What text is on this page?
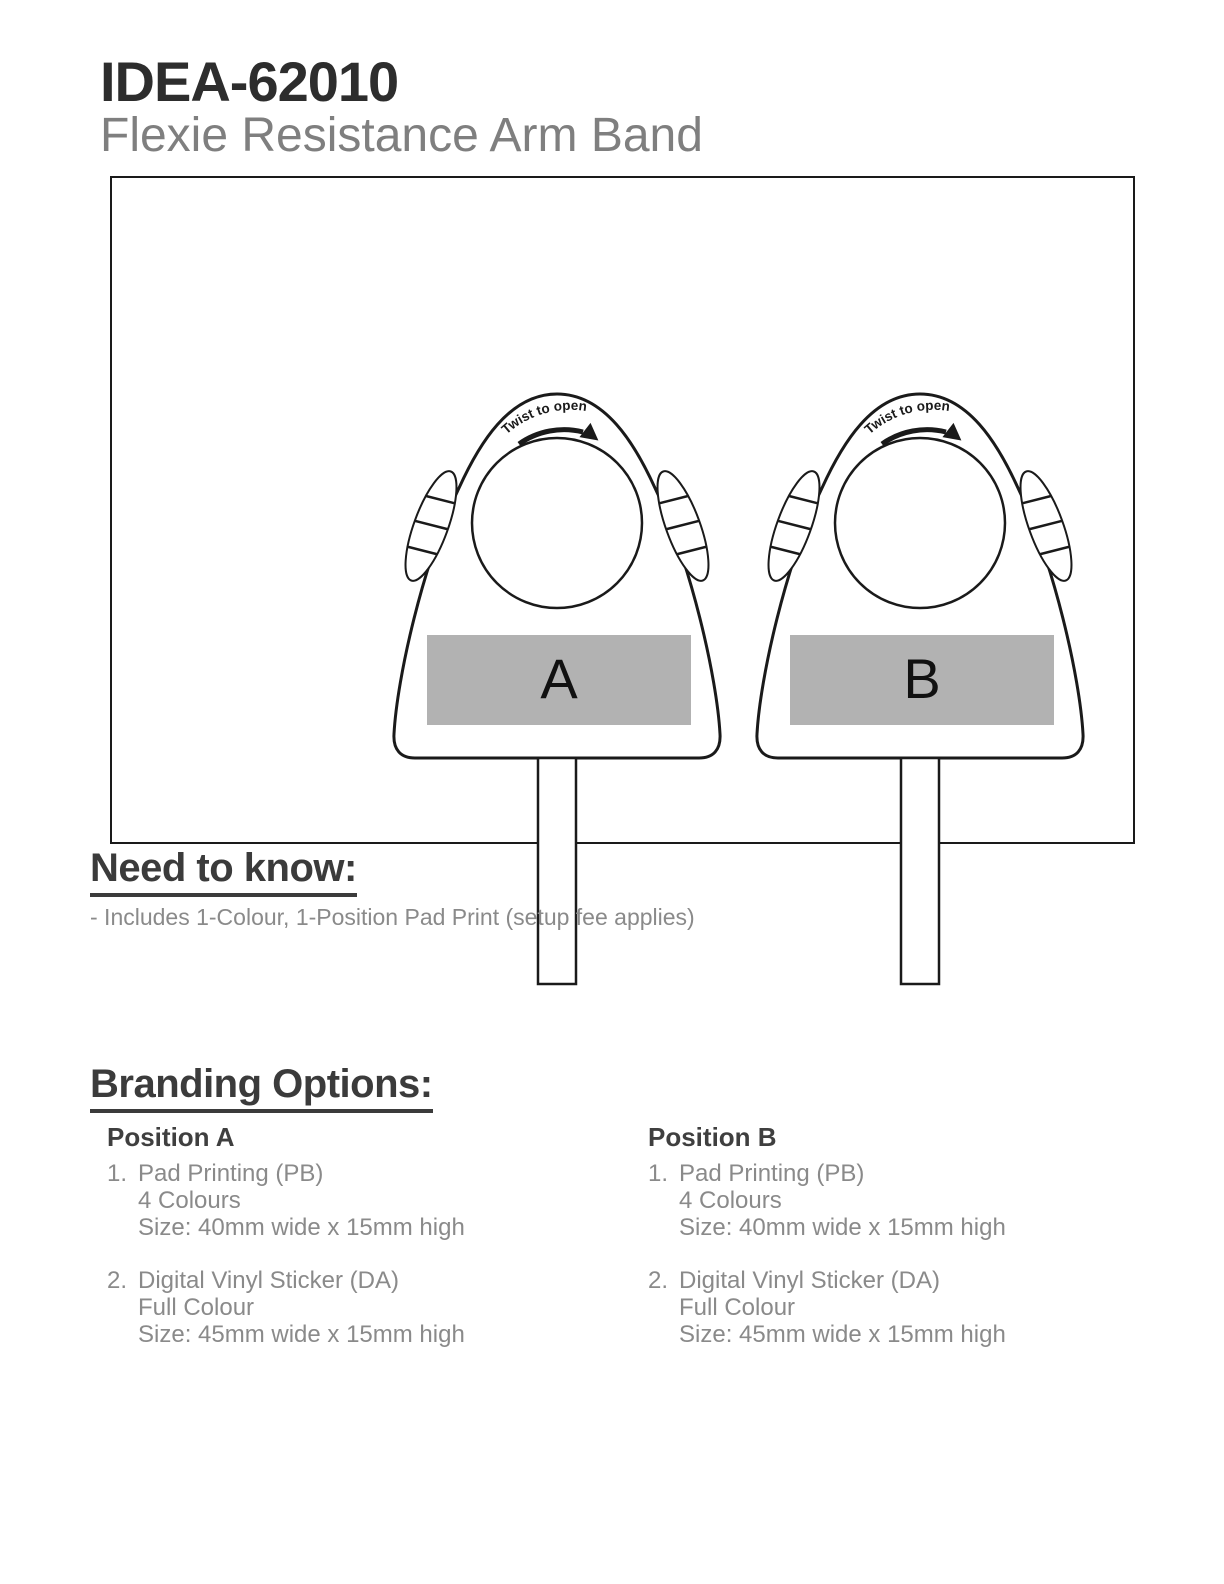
IDEA-62010
Flexie Resistance Arm Band
Twist to open
A
Twist to open
B
Need to know:
- Includes 1-Colour, 1-Position Pad Print (setup fee applies)
Branding Options:
Position A
1. Pad Printing (PB)
4 Colours
Size: 40mm wide x 15mm high
2. Digital Vinyl Sticker (DA)
Full Colour
Size: 45mm wide x 15mm high
Position B
1. Pad Printing (PB)
4 Colours
Size: 40mm wide x 15mm high
2. Digital Vinyl Sticker (DA)
Full Colour
Size: 45mm wide x 15mm high
